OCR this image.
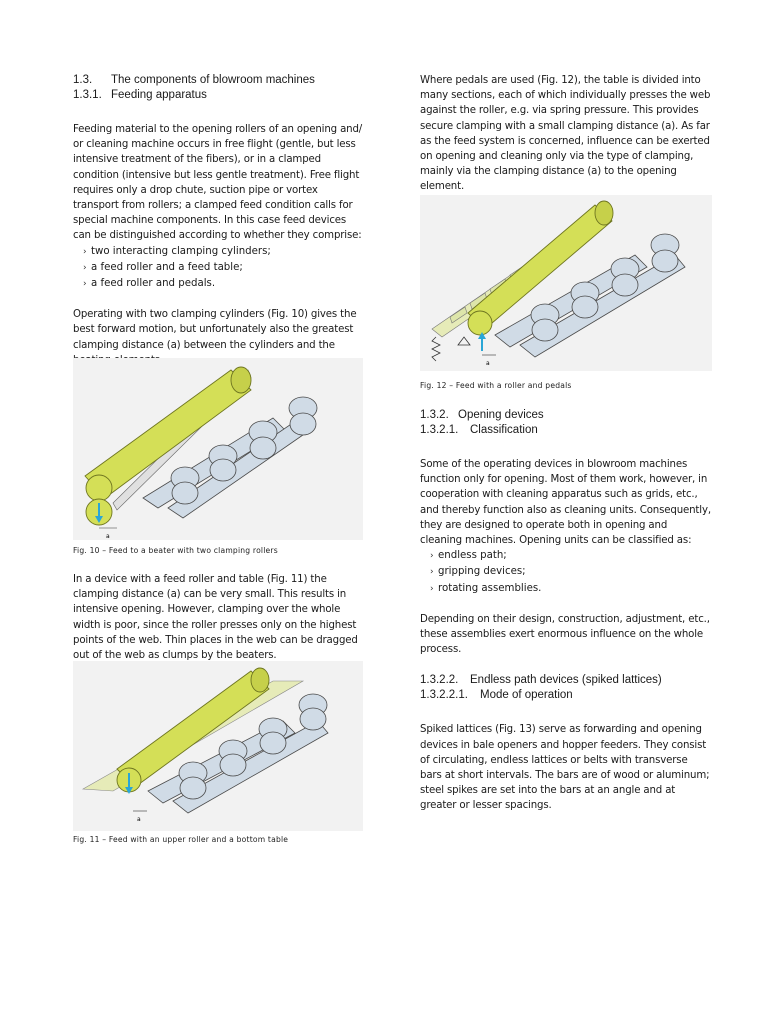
1.3. The components of blowroom machines
1.3.1. Feeding apparatus

Feeding material to the opening rollers of an opening and/ or cleaning machine occurs in free flight (gentle, but less intensive treatment of the fibers), or in a clamped condition (intensive but less gentle treatment). Free flight requires only a drop chute, suction pipe or vortex transport from rollers; a clamped feed condition calls for special machine components. In this case feed devices can be distinguished according to whether they comprise:

› two interacting clamping cylinders;
› a feed roller and a feed table;
› a feed roller and pedals.

Operating with two clamping cylinders (Fig. 10) gives the best forward motion, but unfortunately also the greatest clamping distance (a) between the cylinders and the

a
Fig. 10 – Feed to a beater with two clamping rollers

In a device with a feed roller and table (Fig. 11) the clamping distance (a) can be very small. This results in intensive opening. However, clamping over the whole width is poor, since the roller presses only on the highest points of the web. Thin places in the web can be dragged out of the web as clumps by the beaters.

a
Fig. 11 – Feed with an upper roller and a bottom table

Where pedals are used (Fig. 12), the table is divided into many sections, each of which individually presses the web against the roller, e.g. via spring pressure. This provides secure clamping with a small clamping distance (a). As far as the feed system is concerned, influence can be exerted on opening and cleaning only via the type of clamping, mainly via the clamping distance (a) to the opening element.

a
Fig. 12 – Feed with a roller and pedals
1.3.2. Opening devices
1.3.2.1. Classification

Some of the operating devices in blowroom machines function only for opening. Most of them work, however, in cooperation with cleaning apparatus such as grids, etc., and thereby function also as cleaning units. Consequently, they are designed to operate both in opening and cleaning machines. Opening units can be classified as:

› endless path;
› gripping devices;
› rotating assemblies.

Depending on their design, construction, adjustment, etc., these assemblies exert enormous influence on the whole process.

1.3.2.2. Endless path devices (spiked lattices)
1.3.2.2.1. Mode of operation

Spiked lattices (Fig. 13) serve as forwarding and opening devices in bale openers and hopper feeders. They consist of circulating, endless lattices or belts with transverse bars at short intervals. The bars are of wood or aluminum; steel spikes are set into the bars at an angle and at greater or lesser spacings.
